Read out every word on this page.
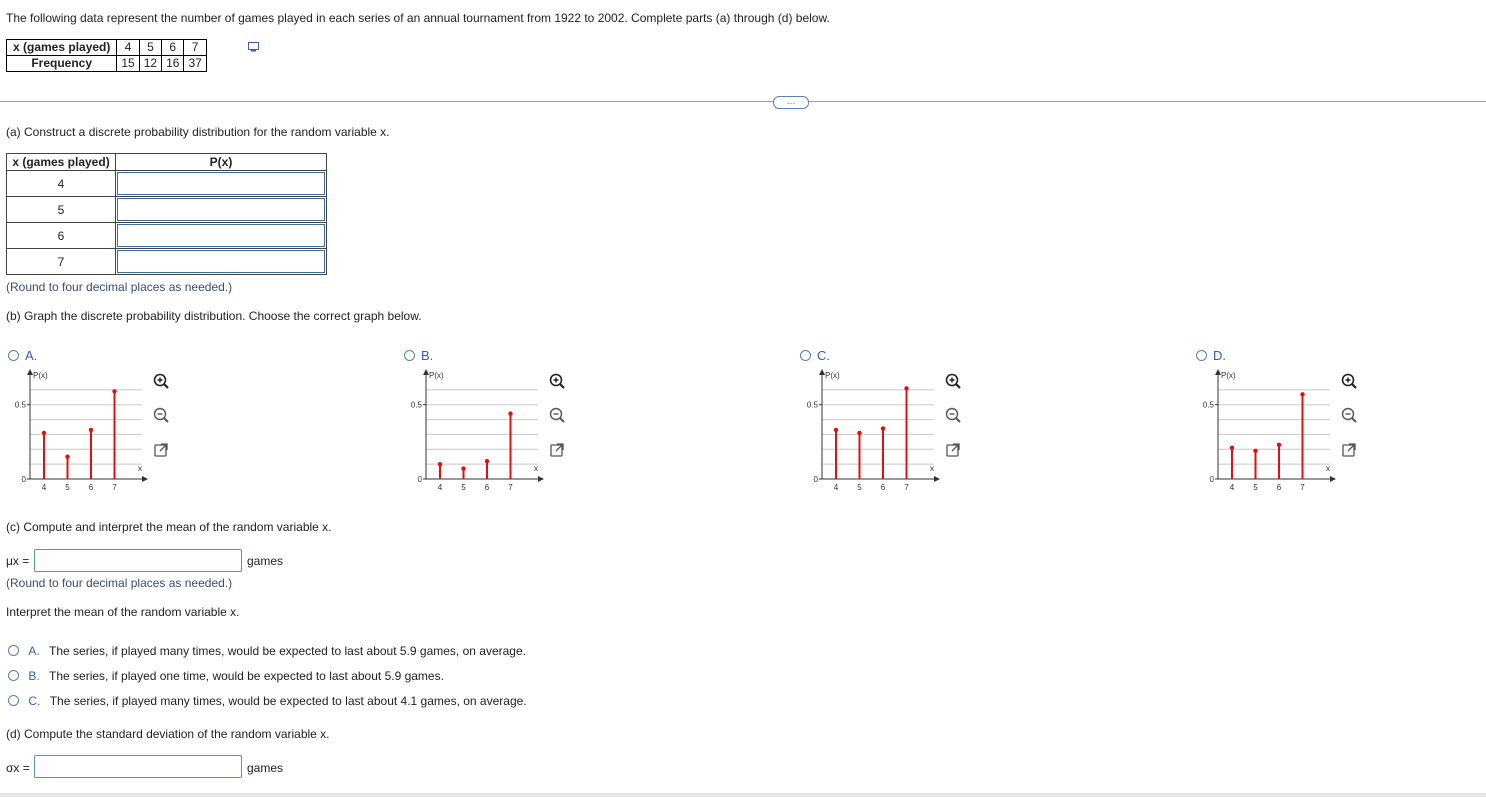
The following data represent the number of games played in each series of an annual tournament from 1922 to 2002. Complete parts (a) through (d) below.
x (games played)	4	5	6	7
Frequency	15	12	16	37
…
(a) Construct a discrete probability distribution for the random variable x.
x (games played)	P(x)
4	

5	

6	

7	
(Round to four decimal places as needed.)
(b) Graph the discrete probability distribution. Choose the correct graph below.
A.
P(x)
0.5
0
x
4 5 6 7
B.
P(x)
0.5
0
x
4 5 6 7
C.
P(x)
0.5
0
x
4 5 6 7
D.
P(x)
0.5
0
x
4 5 6 7
(c) Compute and interpret the mean of the random variable x.
μx =	games
(Round to four decimal places as needed.)
Interpret the mean of the random variable x.
A. The series, if played many times, would be expected to last about 5.9 games, on average.
B. The series, if played one time, would be expected to last about 5.9 games.
C. The series, if played many times, would be expected to last about 4.1 games, on average.
(d) Compute the standard deviation of the random variable x.
σx =	games
